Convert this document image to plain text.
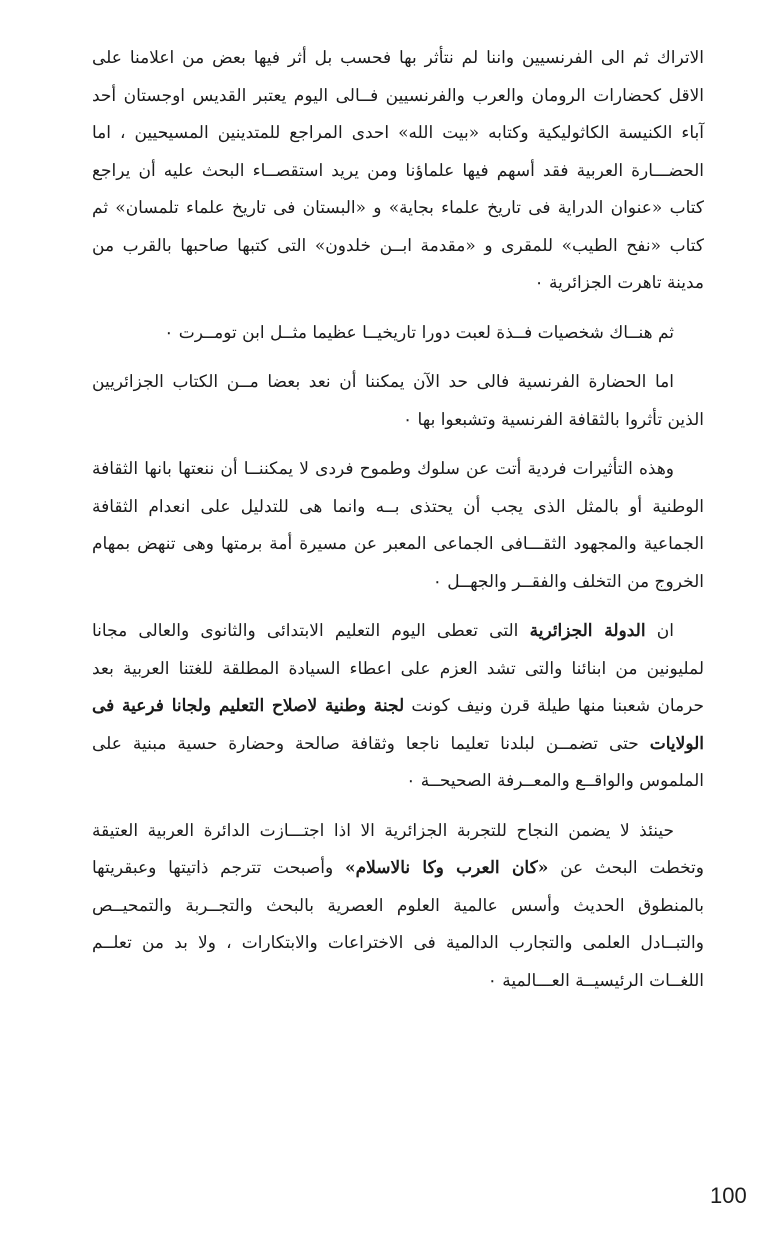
الاتراك ثم الى الفرنسيين واننا لم نتأثر بها فحسب بل أثر فيها بعض من اعلامنا على الاقل كحضارات الرومان والعرب والفرنسيين فــالى اليوم يعتبر القديس اوجستان أحد آباء الكنيسة الكاثوليكية وكتابه «بيت الله» احدى المراجع للمتدينين المسيحيين ، اما الحضـــارة العربية فقد أسهم فيها علماؤنا ومن يريد استقصــاء البحث عليه أن يراجع كتاب «عنوان الدراية فى تاريخ علماء بجاية» و «البستان فى تاريخ علماء تلمسان» ثم كتاب «نفح الطيب» للمقرى و «مقدمة ابــن خلدون» التى كتبها صاحبها بالقرب من مدينة تاهرت الجزائرية ٠

ثم هنــاك شخصيات فــذة لعبت دورا تاريخيــا عظيما مثــل ابن تومــرت ٠

اما الحضارة الفرنسية فالى حد الآن يمكننا أن نعد بعضا مــن الكتاب الجزائريين الذين تأثروا بالثقافة الفرنسية وتشبعوا بها ٠

وهذه التأثيرات فردية أتت عن سلوك وطموح فردى لا يمكننــا أن ننعتها بانها الثقافة الوطنية أو بالمثل الذى يجب أن يحتذى بــه وانما هى للتدليل على انعدام الثقافة الجماعية والمجهود الثقـــافى الجماعى المعبر عن مسيرة أمة برمتها وهى تنهض بمهام الخروج من التخلف والفقــر والجهــل ٠

ان الدولة الجزائرية التى تعطى اليوم التعليم الابتدائى والثانوى والعالى مجانا لمليونين من ابنائنا والتى تشد العزم على اعطاء السيادة المطلقة للغتنا العربية بعد حرمان شعبنا منها طيلة قرن ونيف كونت لجنة وطنية لاصلاح التعليم ولجانا فرعية فى الولايات حتى تضمــن لبلدنا تعليما ناجعا وثقافة صالحة وحضارة حسية مبنية على الملموس والواقــع والمعــرفة الصحيحــة ٠

حينئذ لا يضمن النجاح للتجربة الجزائرية الا اذا اجتـــازت الدائرة العربية العتيقة وتخطت البحث عن «كان العرب وكا نالاسلام» وأصبحت تترجم ذاتيتها وعبقريتها بالمنطوق الحديث وأسس عالمية العلوم العصرية بالبحث والتجــربة والتمحيــص والتبــادل العلمى والتجارب الدالمية فى الاختراعات والابتكارات ، ولا بد من تعلــم اللغــات الرئيسيــة العـــالمية ٠

100
